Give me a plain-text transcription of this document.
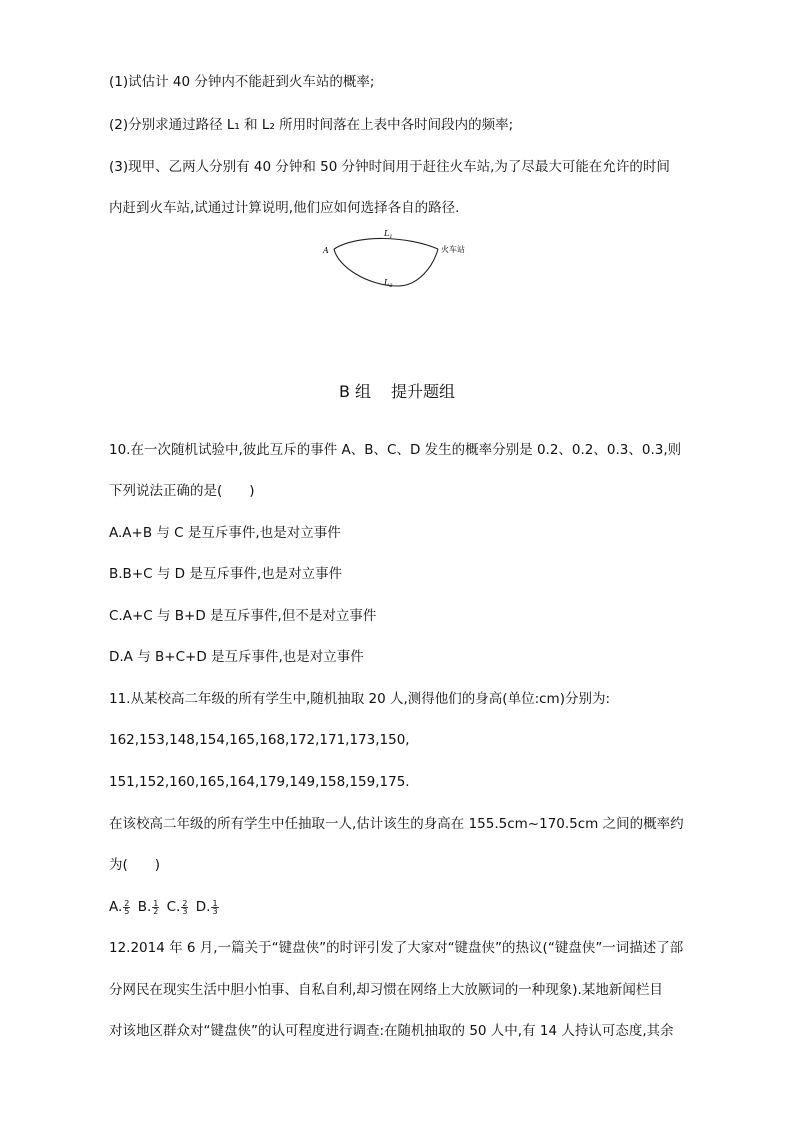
(1)试估计 40 分钟内不能赶到火车站的概率;
(2)分别求通过路径 L₁ 和 L₂ 所用时间落在上表中各时间段内的频率;
(3)现甲、乙两人分别有 40 分钟和 50 分钟时间用于赶往火车站,为了尽最大可能在允许的时间
内赶到火车站,试通过计算说明,他们应如何选择各自的路径.
A
$L_1$
$L_2$
火车站
B 组 提升题组
10.在一次随机试验中,彼此互斥的事件 A、B、C、D 发生的概率分别是 0.2、0.2、0.3、0.3,则
下列说法正确的是(　　)
A.A+B 与 C 是互斥事件,也是对立事件
B.B+C 与 D 是互斥事件,也是对立事件
C.A+C 与 B+D 是互斥事件,但不是对立事件
D.A 与 B+C+D 是互斥事件,也是对立事件
11.从某校高二年级的所有学生中,随机抽取 20 人,测得他们的身高(单位:cm)分别为:
162,153,148,154,165,168,172,171,173,150,
151,152,160,165,164,179,149,158,159,175.
在该校高二年级的所有学生中任抽取一人,估计该生的身高在 155.5cm~170.5cm 之间的概率约
为(　　)
A. $\frac{2}{5} B$. $\frac{1}{2} C$. $\frac{2}{3} D$. $\frac{1}{3}$
12.2014 年 6 月,一篇关于“键盘侠”的时评引发了大家对“键盘侠”的热议(“键盘侠”一词描述了部
分网民在现实生活中胆小怕事、自私自利,却习惯在网络上大放厥词的一种现象).某地新闻栏目
对该地区群众对“键盘侠”的认可程度进行调查:在随机抽取的 50 人中,有 14 人持认可态度,其余
